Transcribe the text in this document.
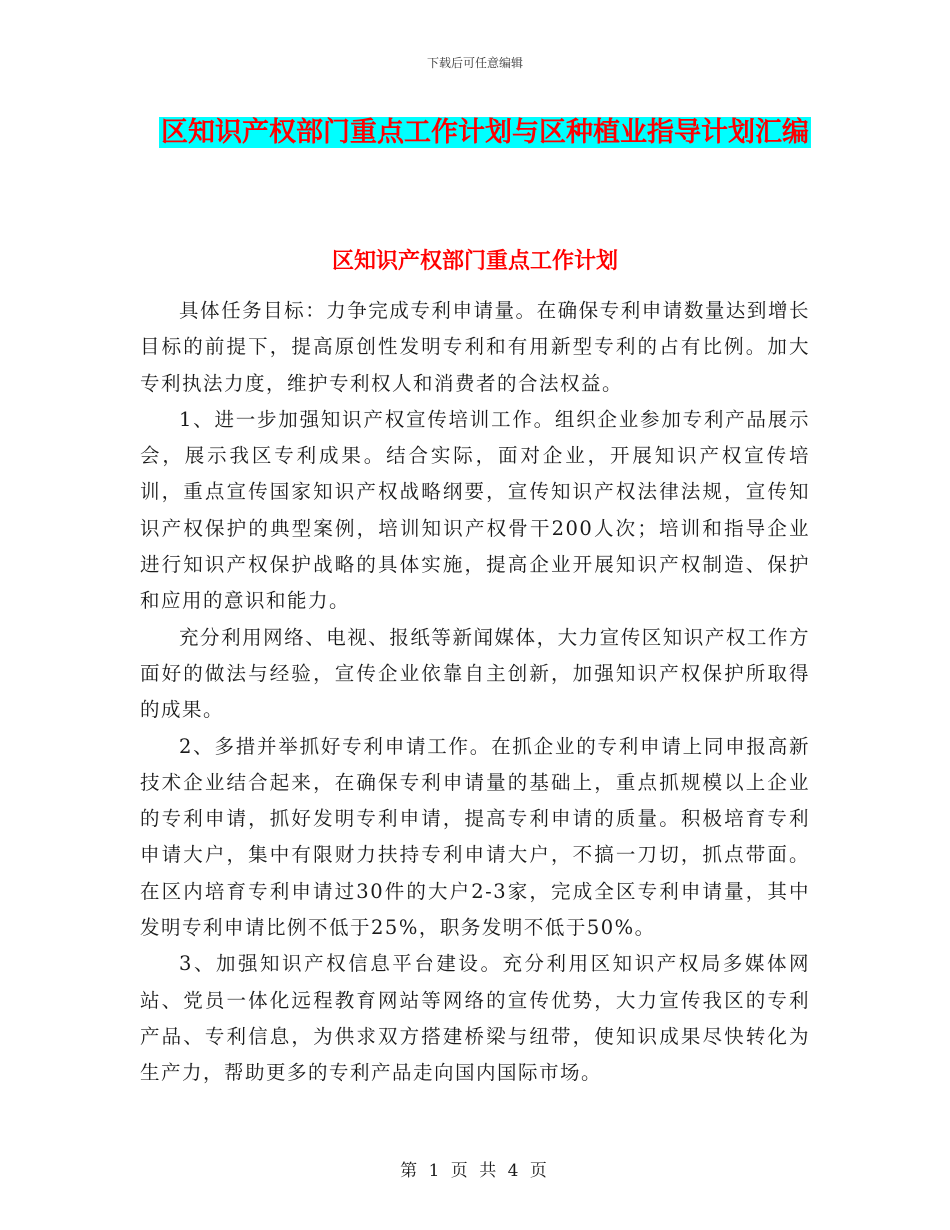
下载后可任意编辑
区知识产权部门重点工作计划与区种植业指导计划汇编
区知识产权部门重点工作计划

具体任务目标：力争完成专利申请量。在确保专利申请数量达到增长目标的前提下，提高原创性发明专利和有用新型专利的占有比例。加大专利执法力度，维护专利权人和消费者的合法权益。

1、进一步加强知识产权宣传培训工作。组织企业参加专利产品展示会，展示我区专利成果。结合实际，面对企业，开展知识产权宣传培训，重点宣传国家知识产权战略纲要，宣传知识产权法律法规，宣传知识产权保护的典型案例，培训知识产权骨干200人次；培训和指导企业进行知识产权保护战略的具体实施，提高企业开展知识产权制造、保护和应用的意识和能力。

充分利用网络、电视、报纸等新闻媒体，大力宣传区知识产权工作方面好的做法与经验，宣传企业依靠自主创新，加强知识产权保护所取得的成果。

2、多措并举抓好专利申请工作。在抓企业的专利申请上同申报高新技术企业结合起来，在确保专利申请量的基础上，重点抓规模以上企业的专利申请，抓好发明专利申请，提高专利申请的质量。积极培育专利申请大户，集中有限财力扶持专利申请大户，不搞一刀切，抓点带面。在区内培育专利申请过30件的大户2-3家，完成全区专利申请量，其中发明专利申请比例不低于25%，职务发明不低于50%。

3、加强知识产权信息平台建设。充分利用区知识产权局多媒体网站、党员一体化远程教育网站等网络的宣传优势，大力宣传我区的专利产品、专利信息，为供求双方搭建桥梁与纽带，使知识成果尽快转化为生产力，帮助更多的专利产品走向国内国际市场。

第 1 页 共 4 页
